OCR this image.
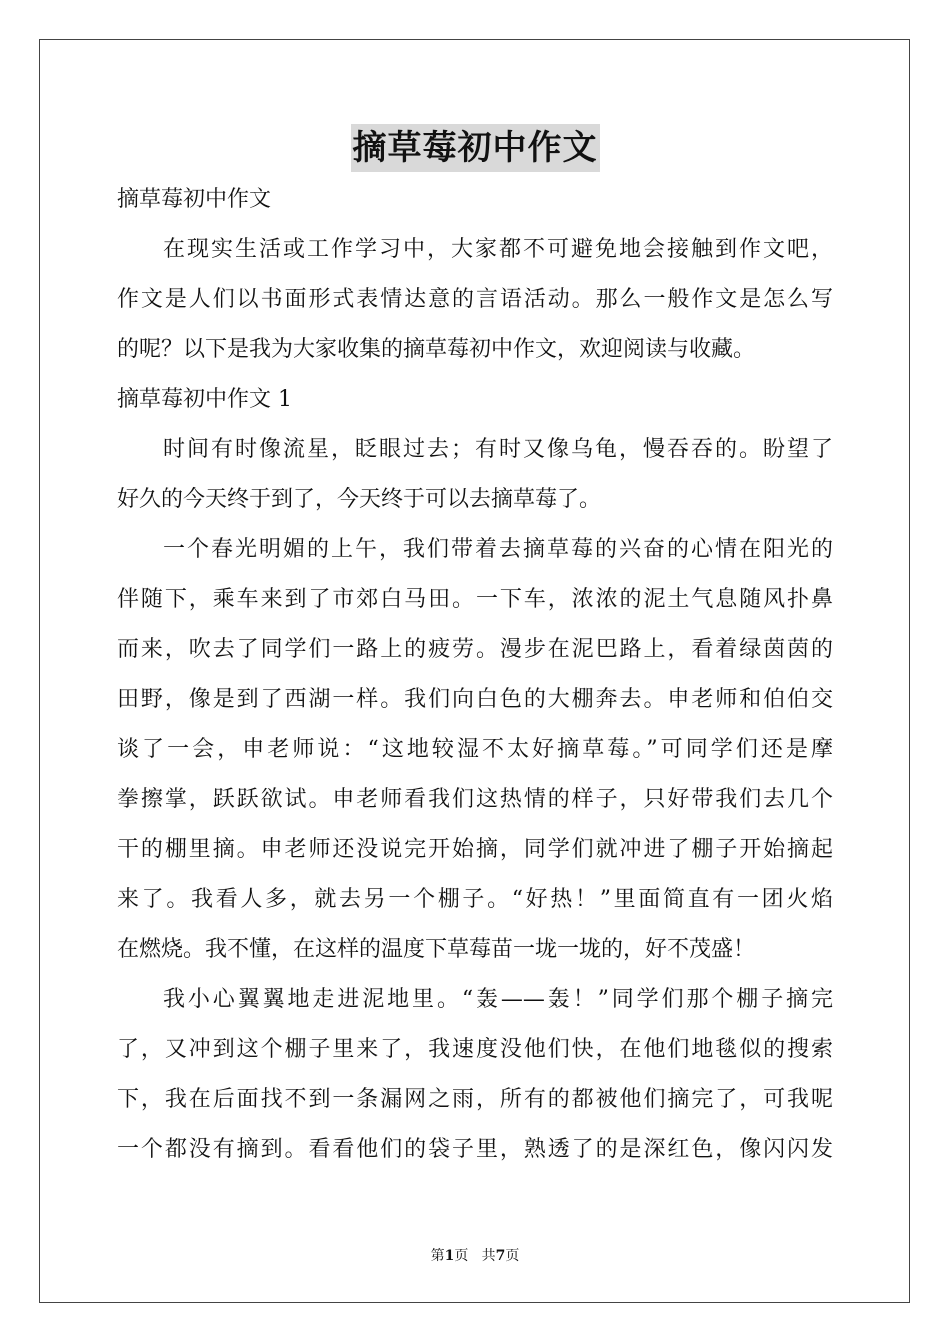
摘草莓初中作文
摘草莓初中作文
在现实生活或工作学习中，大家都不可避免地会接触到作文吧，
作文是人们以书面形式表情达意的言语活动。那么一般作文是怎么写
的呢？以下是我为大家收集的摘草莓初中作文，欢迎阅读与收藏。
摘草莓初中作文 1
时间有时像流星，眨眼过去；有时又像乌龟，慢吞吞的。盼望了
好久的今天终于到了，今天终于可以去摘草莓了。
一个春光明媚的上午，我们带着去摘草莓的兴奋的心情在阳光的
伴随下，乘车来到了市郊白马田。一下车，浓浓的泥土气息随风扑鼻
而来，吹去了同学们一路上的疲劳。漫步在泥巴路上，看着绿茵茵的
田野，像是到了西湖一样。我们向白色的大棚奔去。申老师和伯伯交
谈了一会，申老师说：“这地较湿不太好摘草莓。”可同学们还是摩
拳擦掌，跃跃欲试。申老师看我们这热情的样子，只好带我们去几个
干的棚里摘。申老师还没说完开始摘，同学们就冲进了棚子开始摘起
来了。我看人多，就去另一个棚子。“好热！”里面简直有一团火焰
在燃烧。我不懂，在这样的温度下草莓苗一垅一垅的，好不茂盛！
我小心翼翼地走进泥地里。“轰——轰！”同学们那个棚子摘完
了，又冲到这个棚子里来了，我速度没他们快，在他们地毯似的搜索
下，我在后面找不到一条漏网之雨，所有的都被他们摘完了，可我呢
一个都没有摘到。看看他们的袋子里，熟透了的是深红色，像闪闪发
第1页 共7页
